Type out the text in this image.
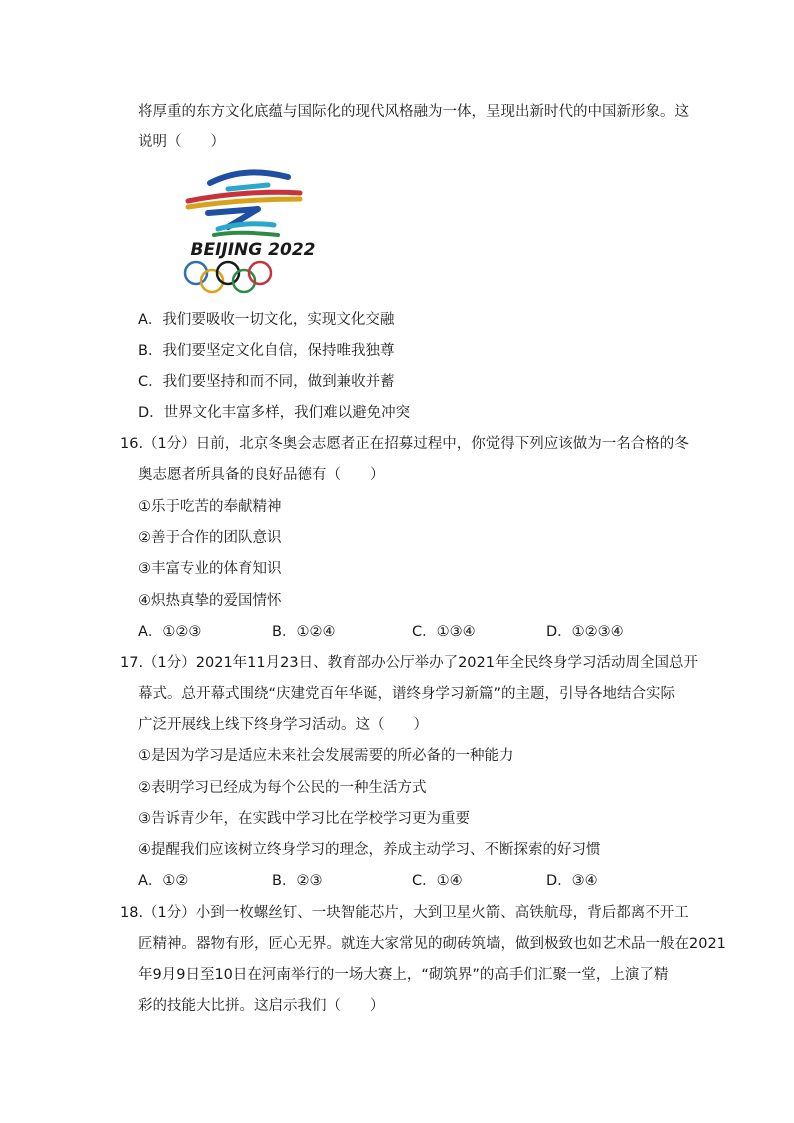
将厚重的东方文化底蕴与国际化的现代风格融为一体，呈现出新时代的中国新形象。这
说明（　　）
BEIJING 2022
A．我们要吸收一切文化，实现文化交融
B．我们要坚定文化自信，保持唯我独尊
C．我们要坚持和而不同，做到兼收并蓄
D．世界文化丰富多样，我们难以避免冲突
16.（1分）日前，北京冬奥会志愿者正在招募过程中，你觉得下列应该做为一名合格的冬
奥志愿者所具备的良好品德有（　　）
①乐于吃苦的奉献精神
②善于合作的团队意识
③丰富专业的体育知识
④炽热真挚的爱国情怀
A．①②③	B．①②④	C．①③④	D．①②③④
17.（1分）2021年11月23日、教育部办公厅举办了2021年全民终身学习活动周全国总开
幕式。总开幕式围绕“庆建党百年华诞，谱终身学习新篇”的主题，引导各地结合实际
广泛开展线上线下终身学习活动。这（　　）
①是因为学习是适应未来社会发展需要的所必备的一种能力
②表明学习已经成为每个公民的一种生活方式
③告诉青少年，在实践中学习比在学校学习更为重要
④提醒我们应该树立终身学习的理念，养成主动学习、不断探索的好习惯
A．①②	B．②③	C．①④	D．③④
18.（1分）小到一枚螺丝钉、一块智能芯片，大到卫星火箭、高铁航母，背后都离不开工
匠精神。器物有形，匠心无界。就连大家常见的砌砖筑墙，做到极致也如艺术品一般在2021
年9月9日至10日在河南举行的一场大赛上，“砌筑界”的高手们汇聚一堂，上演了精
彩的技能大比拼。这启示我们（　　）
